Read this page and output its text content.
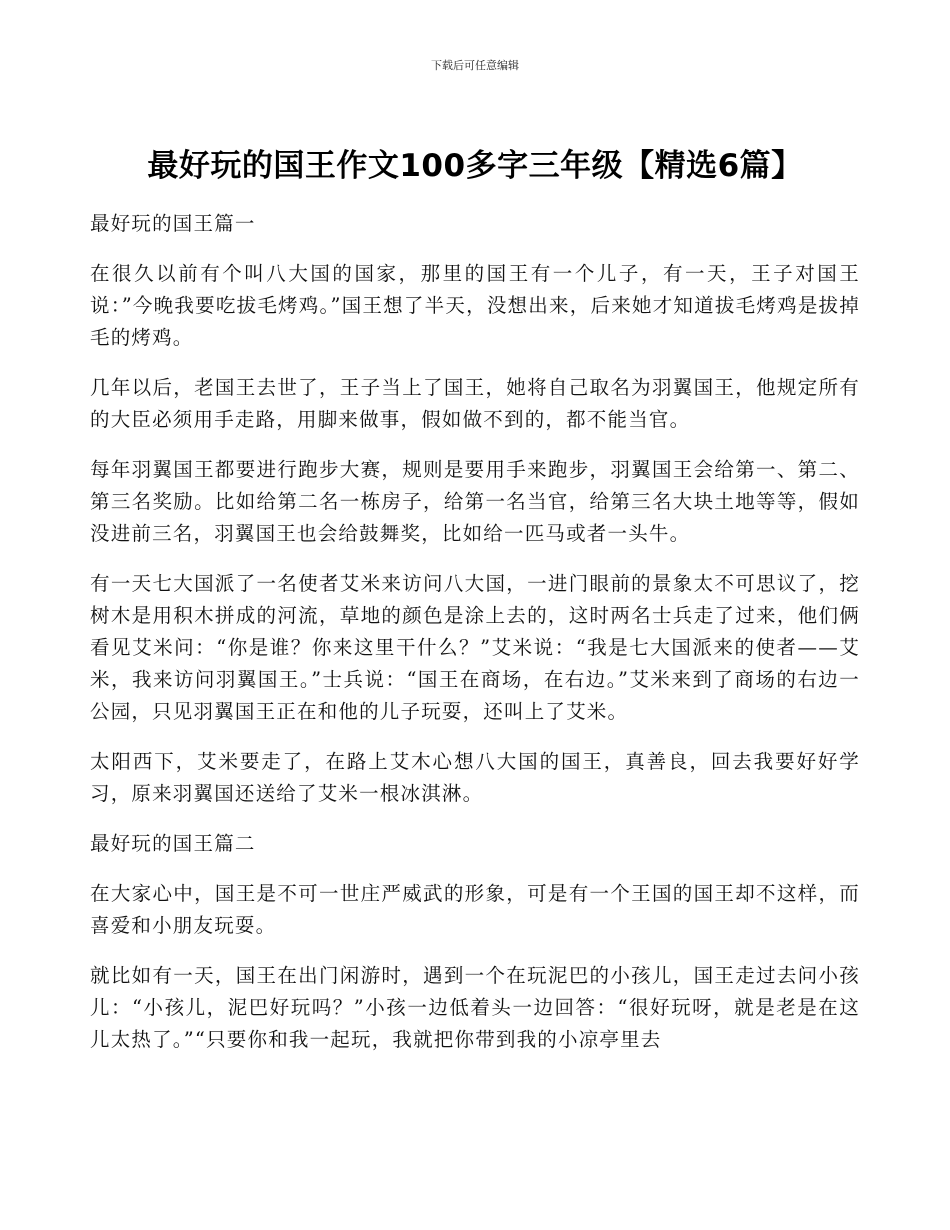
下载后可任意编辑
最好玩的国王作文100多字三年级【精选6篇】

最好玩的国王篇一

在很久以前有个叫八大国的国家，那里的国王有一个儿子，有一天，王子对国王说：”今晚我要吃拔毛烤鸡。”国王想了半天，没想出来，后来她才知道拔毛烤鸡是拔掉毛的烤鸡。

几年以后，老国王去世了，王子当上了国王，她将自己取名为羽翼国王，他规定所有的大臣必须用手走路，用脚来做事，假如做不到的，都不能当官。

每年羽翼国王都要进行跑步大赛，规则是要用手来跑步，羽翼国王会给第一、第二、第三名奖励。比如给第二名一栋房子，给第一名当官，给第三名大块土地等等，假如没进前三名，羽翼国王也会给鼓舞奖，比如给一匹马或者一头牛。

有一天七大国派了一名使者艾米来访问八大国，一进门眼前的景象太不可思议了，挖树木是用积木拼成的河流，草地的颜色是涂上去的，这时两名士兵走了过来，他们俩看见艾米问：“你是谁？你来这里干什么？”艾米说：“我是七大国派来的使者——艾米，我来访问羽翼国王。”士兵说：“国王在商场，在右边。”艾米来到了商场的右边一公园，只见羽翼国王正在和他的儿子玩耍，还叫上了艾米。

太阳西下，艾米要走了，在路上艾木心想八大国的国王，真善良，回去我要好好学习，原来羽翼国还送给了艾米一根冰淇淋。

最好玩的国王篇二

在大家心中，国王是不可一世庄严威武的形象，可是有一个王国的国王却不这样，而喜爱和小朋友玩耍。

就比如有一天，国王在出门闲游时，遇到一个在玩泥巴的小孩儿，国王走过去问小孩儿：“小孩儿，泥巴好玩吗？”小孩一边低着头一边回答：“很好玩呀，就是老是在这儿太热了。”“只要你和我一起玩，我就把你带到我的小凉亭里去
